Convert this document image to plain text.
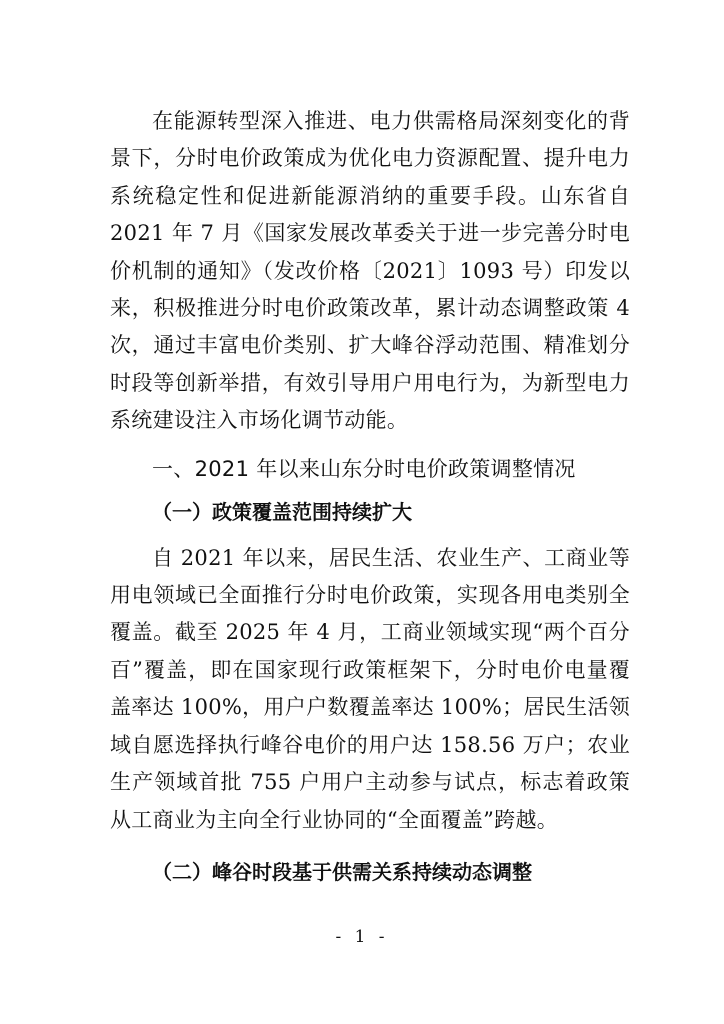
在能源转型深入推进、电力供需格局深刻变化的背景下，分时电价政策成为优化电力资源配置、提升电力系统稳定性和促进新能源消纳的重要手段。山东省自 2021 年 7 月《国家发展改革委关于进一步完善分时电价机制的通知》（发改价格〔2021〕1093 号）印发以来，积极推进分时电价政策改革，累计动态调整政策 4 次，通过丰富电价类别、扩大峰谷浮动范围、精准划分时段等创新举措，有效引导用户用电行为，为新型电力系统建设注入市场化调节动能。

一、2021 年以来山东分时电价政策调整情况
（一）政策覆盖范围持续扩大

自 2021 年以来，居民生活、农业生产、工商业等用电领域已全面推行分时电价政策，实现各用电类别全覆盖。截至 2025 年 4 月，工商业领域实现“两个百分百”覆盖，即在国家现行政策框架下，分时电价电量覆盖率达 100%，用户户数覆盖率达 100%；居民生活领域自愿选择执行峰谷电价的用户达 158.56 万户；农业生产领域首批 755 户用户主动参与试点，标志着政策从工商业为主向全行业协同的“全面覆盖”跨越。

（二）峰谷时段基于供需关系持续动态调整
- 1 -
